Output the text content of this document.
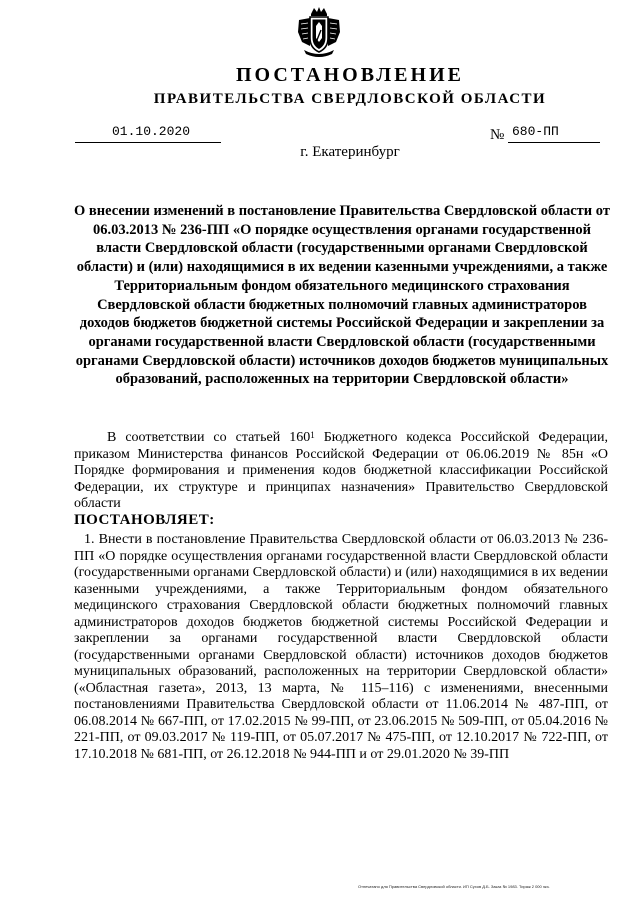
ПОСТАНОВЛЕНИЕ
ПРАВИТЕЛЬСТВА СВЕРДЛОВСКОЙ ОБЛАСТИ
01.10.2020	№ 680-ПП
г. Екатеринбург
О внесении изменений в постановление Правительства Свердловской области от 06.03.2013 № 236-ПП «О порядке осуществления органами государственной власти Свердловской области (государственными органами Свердловской области) и (или) находящимися в их ведении казенными учреждениями, а также Территориальным фондом обязательного медицинского страхования Свердловской области бюджетных полномочий главных администраторов доходов бюджетов бюджетной системы Российской Федерации и закреплении за органами государственной власти Свердловской области (государственными органами Свердловской области) источников доходов бюджетов муниципальных образований, расположенных на территории Свердловской области»
В соответствии со статьей $160^1$ Бюджетного кодекса Российской Федерации, приказом Министерства финансов Российской Федерации от 06.06.2019 № 85н «О Порядке формирования и применения кодов бюджетной классификации Российской Федерации, их структуре и принципах назначения» Правительство Свердловской области
ПОСТАНОВЛЯЕТ:
1. Внести в постановление Правительства Свердловской области от 06.03.2013 № 236-ПП «О порядке осуществления органами государственной власти Свердловской области (государственными органами Свердловской области) и (или) находящимися в их ведении казенными учреждениями, а также Территориальным фондом обязательного медицинского страхования Свердловской области бюджетных полномочий главных администраторов доходов бюджетов бюджетной системы Российской Федерации и закреплении за органами государственной власти Свердловской области (государственными органами Свердловской области) источников доходов бюджетов муниципальных образований, расположенных на территории Свердловской области» («Областная газета», 2013, 13 марта, № 115–116) с изменениями, внесенными постановлениями Правительства Свердловской области от 11.06.2014 № 487-ПП, от 06.08.2014 № 667-ПП, от 17.02.2015 № 99-ПП, от 23.06.2015 № 509-ПП, от 05.04.2016 № 221-ПП, от 09.03.2017 № 119-ПП, от 05.07.2017 № 475-ПП, от 12.10.2017 № 722-ПП, от 17.10.2018 № 681-ПП, от 26.12.2018 № 944-ПП и от 29.01.2020 № 39-ПП
Отпечатано для Правительства Свердловской области. ИП Сухов Д.Б. Заказ № 1983. Тираж 2 000 экз.
